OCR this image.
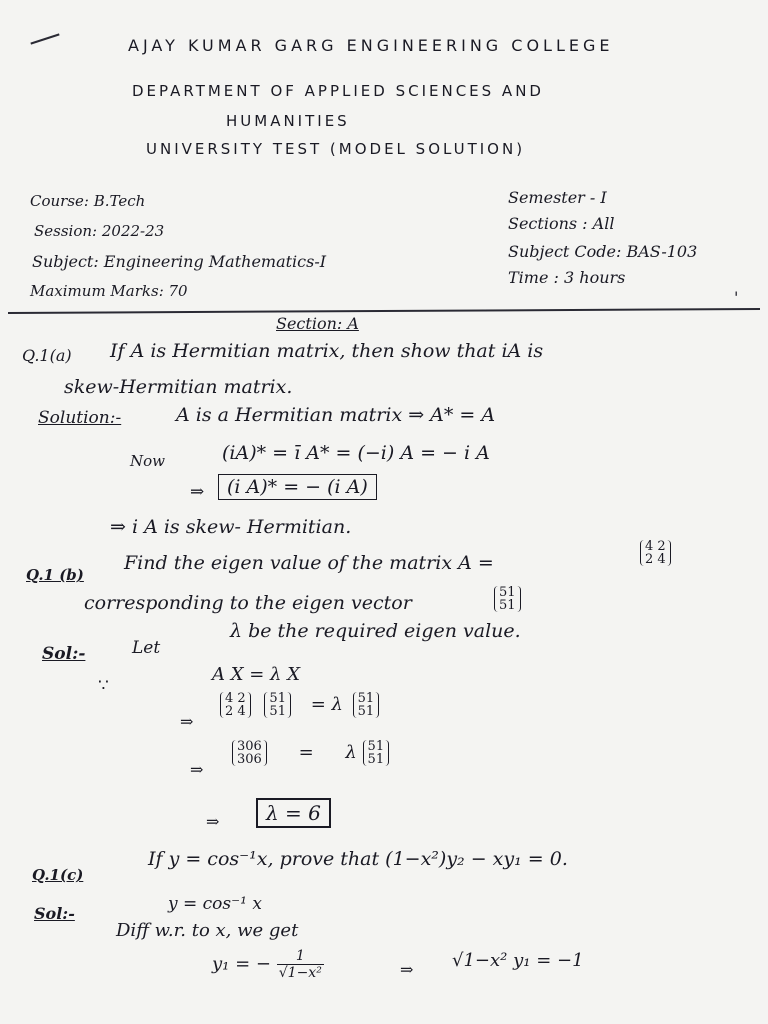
AJAY KUMAR GARG ENGINEERING COLLEGE
DEPARTMENT OF APPLIED SCIENCES AND
HUMANITIES
UNIVERSITY TEST (MODEL SOLUTION)
Course: B.Tech
Session: 2022-23
Subject: Engineering Mathematics-I
Maximum Marks: 70
Semester - I
Sections : All
Subject Code: BAS-103
Time : 3 hours
'
Section: A
Q.1(a) If A is Hermitian matrix, then show that iA is
skew-Hermitian matrix.
Solution:-	A is a Hermitian matrix ⇒ A* = A
Now	(iA)* = ī A* = (−i) A = − i A
⇒	(i A)* = − (i A)
⇒ i A is skew- Hermitian.
Q.1 (b)
Find the eigen value of the matrix A =
4 2
2 4
corresponding to the eigen vector	51
51
Sol:-	Let
λ be the required eigen value.
∵
A X = λ X
⇒
4 2
2 4

51
51 = λ 51
51
⇒
306
306 = λ 51
51
⇒	λ = 6
Q.1(c)
If y = cos⁻¹x, prove that (1−x²)y₂ − xy₁ = 0.
Sol:-	y = cos⁻¹ x
Diff w.r. to x, we get
y₁ = − $\frac{1}{\text{√1−x²}}$	⇒ √1−x² y₁ = −1
